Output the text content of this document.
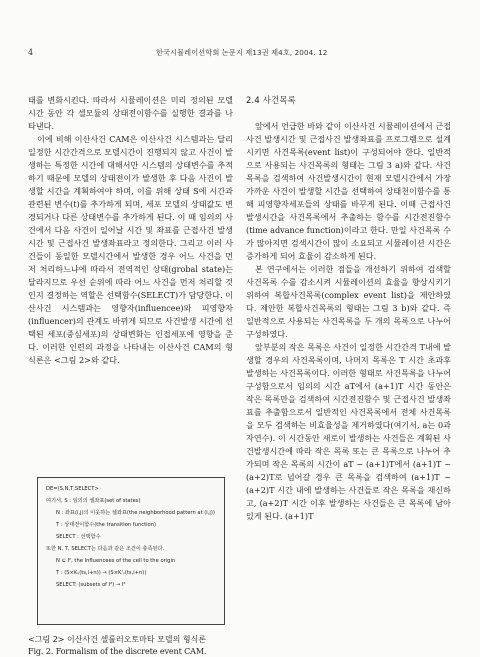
4	한국시뮬레이션학회 논문지 제13권 제4호, 2004. 12

태를 변화시킨다. 따라서 시뮬레이션은 미리 정의된 모델시간 동안 각 셀모듈의 상태전이함수를 실행한 결과를 나타낸다.

이에 비해 이산사건 CAM은 이산사건 시스템과는 달리 일정한 시간간격으로 모델시간이 진행되지 않고 사건이 발생하는 특정한 시간에 대해서만 시스템의 상태변수를 추적하기 때문에 모델의 상태전이가 발생한 후 다음 사건이 발생할 시간을 계획하여야 하며, 이를 위해 상태 S에 시간과 관련된 변수(t)를 추가하게 되며, 세포 모델의 상태값도 변경되거나 다른 상태변수를 추가하게 된다. 이 때 임의의 사건에서 다음 사건이 일어날 시간 및 좌표를 근접사건 발생시간 및 근접사건 발생좌표라고 정의한다. 그리고 이러 사건들이 동일한 모델시간에서 발생한 경우 어느 사건을 먼저 처리하느냐에 따라서 전역적인 상태(grobal state)는 달라지므로 우선 순위에 따라 어느 사건을 먼저 처리할 것인지 결정하는 역할은 선택함수(SELECT)가 담당한다. 이산사건 시스템과는 영향자(influencee)와 피영향자(influencer)의 관계도 바뀌게 되므로 사건발생 시간에 선택된 세포(중심세포)의 상태변화는 인접세포에 영향을 준다. 이러한 인련의 과정을 나타내는 이산사건 CAM의 형식론은 <그림 2>와 같다.

DE=(S,N,T,SELECT>
여기서, S : 임의의 셀좌표(set of states)
N : 좌표(i,j)의 이웃하는 셀좌표(the neighborhood pattern at (i,j))
T : 상태전이함수(the transition function)
SELECT : 선택함수
또한 N, T, SELECT는 다음과 같은 조건이 충족된다.
N ⊆ I², the Influencees of the cell to the origin
T : (S×Kᵧ(ts,i+n)) → (S×K'ᵧ(ts,i+n))
SELECT: (subsets of I²) → I²
<그림 2> 이산사건 셀룰러오토마타 모델의 형식론
Fig. 2. Formalism of the discrete event CAM.
2.4 사건목록

앞에서 언급한 바와 같이 이산사건 시뮬레이션에서 근접사건 발생시간 및 근접사건 발생좌표를 프로그램으로 설계시키면 사건목록(event list)이 구성되어야 한다. 일반적으로 사용되는 사건목록의 형태는 그림 3 a)와 같다. 사건목록을 검색하여 사건발생시간이 현재 모델시간에서 가장 가까운 사건이 발생할 시간을 선택하여 상태천이함수를 통해 피영향자세포들의 상태를 바꾸게 된다. 이때 근접사건 발생시간을 사건목록에서 추출하는 함수를 시간전진함수(time advance function)이라고 한다. 만일 사건목록 수가 많아지면 검색시간이 많이 소요되고 시뮬레이션 시간은 증가하게 되어 효율이 감소하게 된다.

본 연구에서는 이러한 점들을 개선하기 위하여 검색할 사건목록 수를 감소시켜 시뮬레이션의 효율을 향상시키기 위하여 복합사건목록(complex event list)을 제안하였다. 제안한 복합사건목록의 형태는 그림 3 b)와 같다. 즉 일반적으로 사용되는 사건목록을 두 개의 목록으로 나누어 구성하였다.

앞부분의 작은 목록은 사건이 일정한 시간간격 T내에 발생할 경우의 사건목록이며, 나머지 목록은 T 시간 초과후 발생하는 사건목록이다. 이러한 형태로 사건목록을 나누어 구성함으로서 임의의 시간 aT에서 (a+1)T 시간 동안은 작은 목록만을 검색하여 시간전진함수 및 근접사건 발생좌표를 추출함으로서 일반적인 사건목록에서 전체 사건목록을 모두 검색하는 비효율성을 제거하였다(여기서, a는 0과 자연수). 이 시간동안 새로이 발생하는 사건들은 계획된 사건발생시간에 따라 작은 목록 또는 큰 목록으로 나누어 추가되며 작은 목록의 시간이 aT ~ (a+1)T에서 (a+1)T ~ (a+2)T로 넘어갈 경우 큰 목록을 검색하여 (a+1)T ~ (a+2)T 시간 내에 발생하는 사건들로 작은 목록을 재신하고, (a+2)T 시간 이후 발생하는 사건들은 큰 목록에 남아있게 된다. (a+1)T
